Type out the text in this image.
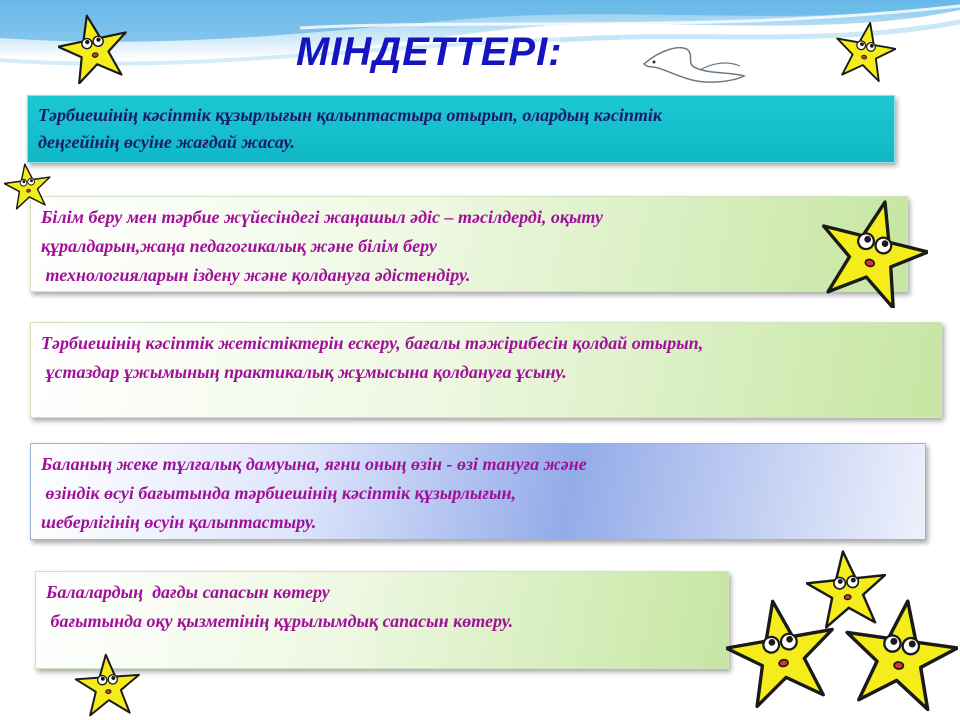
МІНДЕТТЕРІ:
Тәрбиешінің кәсіптік құзырлығын қалыптастыра отырып, олардың кәсіптік
деңгейінің өсуіне жағдай жасау.
Білім беру мен тәрбие жүйесіндегі жаңашыл әдіс – тәсілдерді, оқыту
құралдарын,жаңа педагогикалық және білім беру
технологияларын іздену және қолдануға әдістендіру.
Тәрбиешінің кәсіптік жетістіктерін ескеру, бағалы тәжірибесін қолдай отырып,
ұстаздар ұжымының практикалық жұмысына қолдануға ұсыну.
Баланың жеке тұлғалық дамуына, яғни оның өзін - өзі тануға және
өзіндік өсуі бағытында тәрбиешінің кәсіптік құзырлығын,
шеберлігінің өсуін қалыптастыру.
Балалардың  дағды сапасын көтеру
бағытында оқу қызметінің құрылымдық сапасын көтеру.
